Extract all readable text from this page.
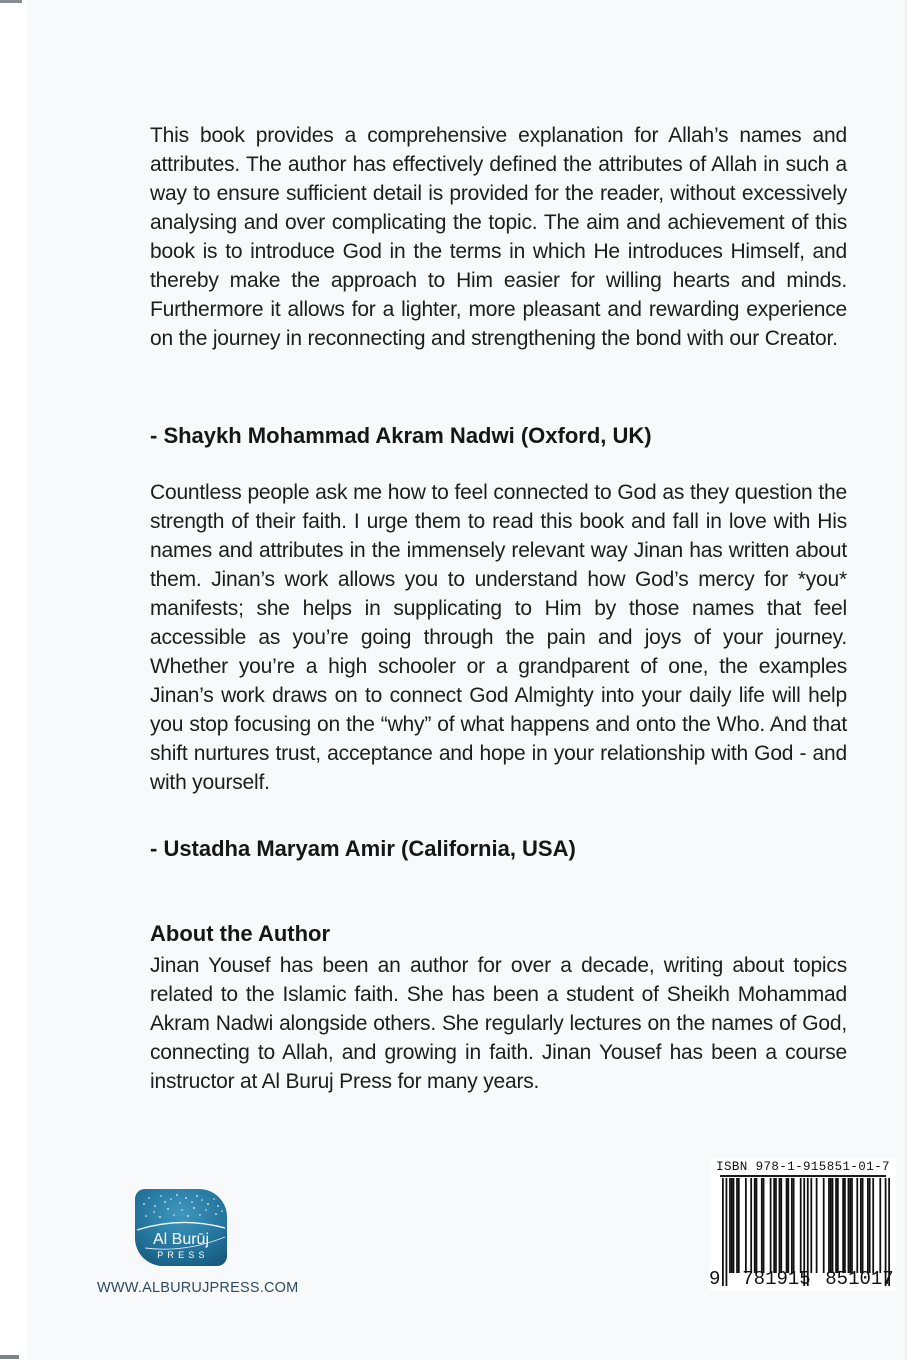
This book provides a comprehensive explanation for Allah’s names and attributes. The author has effectively defined the attributes of Allah in such a way to ensure sufficient detail is provided for the reader, without excessively analysing and over complicating the topic. The aim and achievement of this book is to introduce God in the terms in which He introduces Himself, and thereby make the approach to Him easier for willing hearts and minds. Furthermore it allows for a lighter, more pleasant and rewarding experience on the journey in reconnecting and strengthening the bond with our Creator.

- Shaykh Mohammad Akram Nadwi (Oxford, UK)

Countless people ask me how to feel connected to God as they question the strength of their faith. I urge them to read this book and fall in love with His names and attributes in the immensely relevant way Jinan has written about them. Jinan’s work allows you to understand how God’s mercy for *you* manifests; she helps in supplicating to Him by those names that feel accessible as you’re going through the pain and joys of your journey. Whether you’re a high schooler or a grandparent of one, the examples Jinan’s work draws on to connect God Almighty into your daily life will help you stop focusing on the “why” of what happens and onto the Who. And that shift nurtures trust, acceptance and hope in your relationship with God - and with yourself.

- Ustadha Maryam Amir (California, USA)

About the Author

Jinan Yousef has been an author for over a decade, writing about topics related to the Islamic faith. She has been a student of Sheikh Mohammad Akram Nadwi alongside others. She regularly lectures on the names of God, connecting to Allah, and growing in faith. Jinan Yousef has been a course instructor at Al Buruj Press for many years.

Al Burūj
PRESS
WWW.ALBURUJPRESS.COM
ISBN 978-1-915851-01-7
9 781915 851017
